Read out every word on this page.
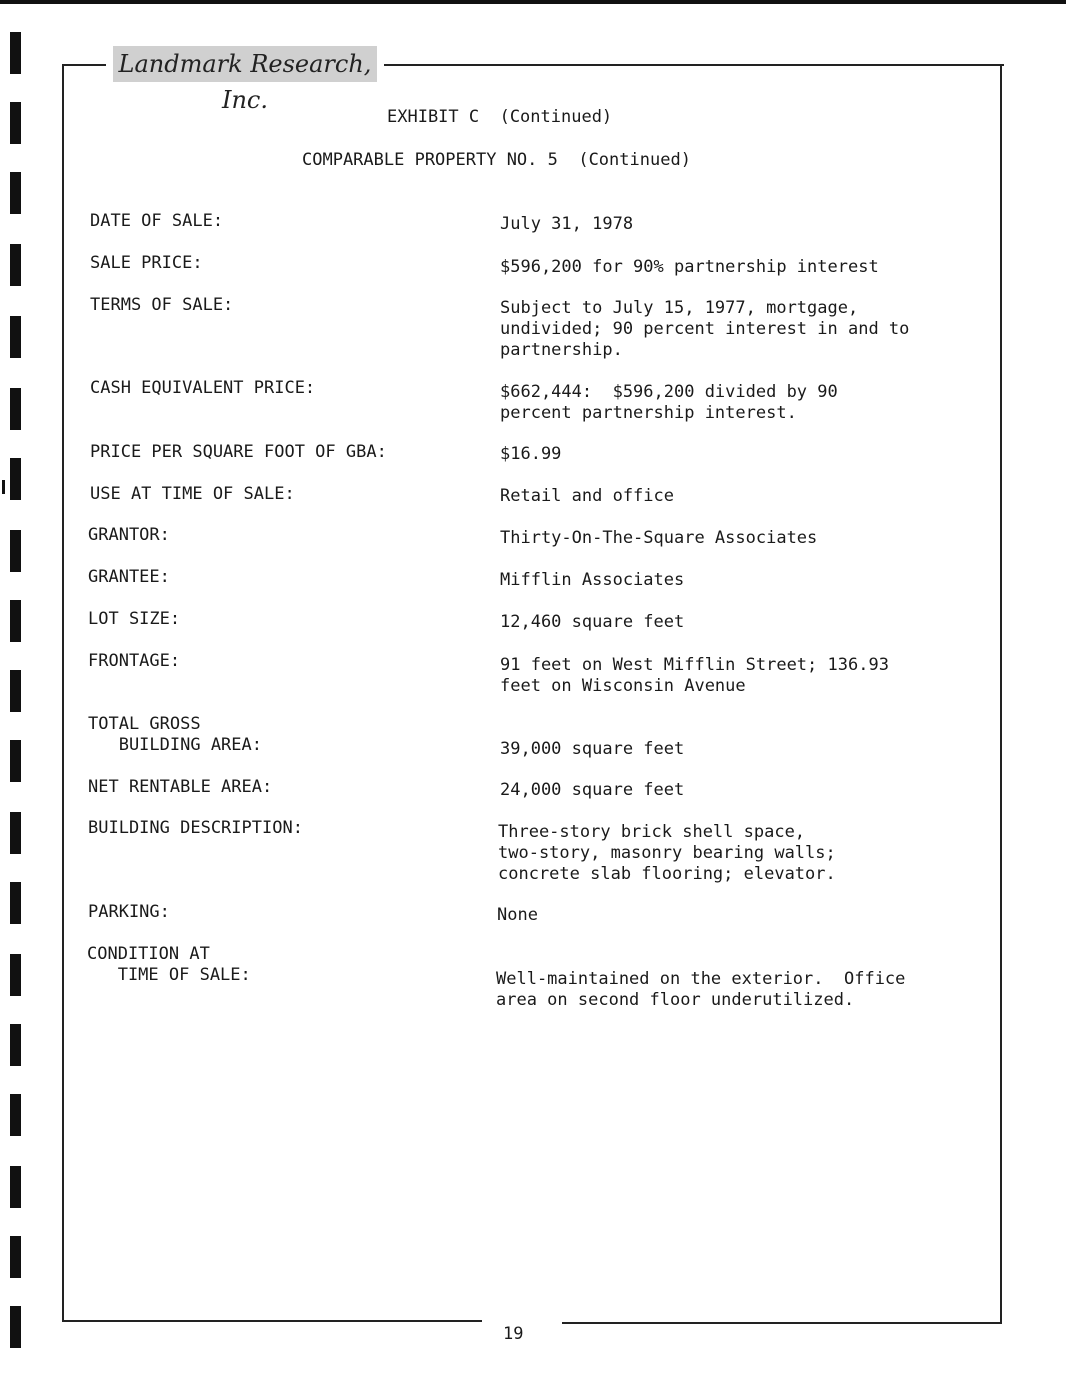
Landmark Research, Inc.
EXHIBIT C  (Continued)
COMPARABLE PROPERTY NO. 5  (Continued)
DATE OF SALE:	July 31, 1978
SALE PRICE:	$596,200 for 90% partnership interest
TERMS OF SALE:	Subject to July 15, 1977, mortgage,
undivided; 90 percent interest in and to
partnership.
CASH EQUIVALENT PRICE:	$662,444:  $596,200 divided by 90
percent partnership interest.
PRICE PER SQUARE FOOT OF GBA:	$16.99
USE AT TIME OF SALE:	Retail and office
GRANTOR:	Thirty-On-The-Square Associates
GRANTEE:	Mifflin Associates
LOT SIZE:	12,460 square feet
FRONTAGE:	91 feet on West Mifflin Street; 136.93
feet on Wisconsin Avenue
TOTAL GROSS
BUILDING AREA:	39,000 square feet
NET RENTABLE AREA:	24,000 square feet
BUILDING DESCRIPTION:	Three-story brick shell space,
two-story, masonry bearing walls;
concrete slab flooring; elevator.
PARKING:	None
CONDITION AT
TIME OF SALE:	Well-maintained on the exterior.  Office
area on second floor underutilized.
19
